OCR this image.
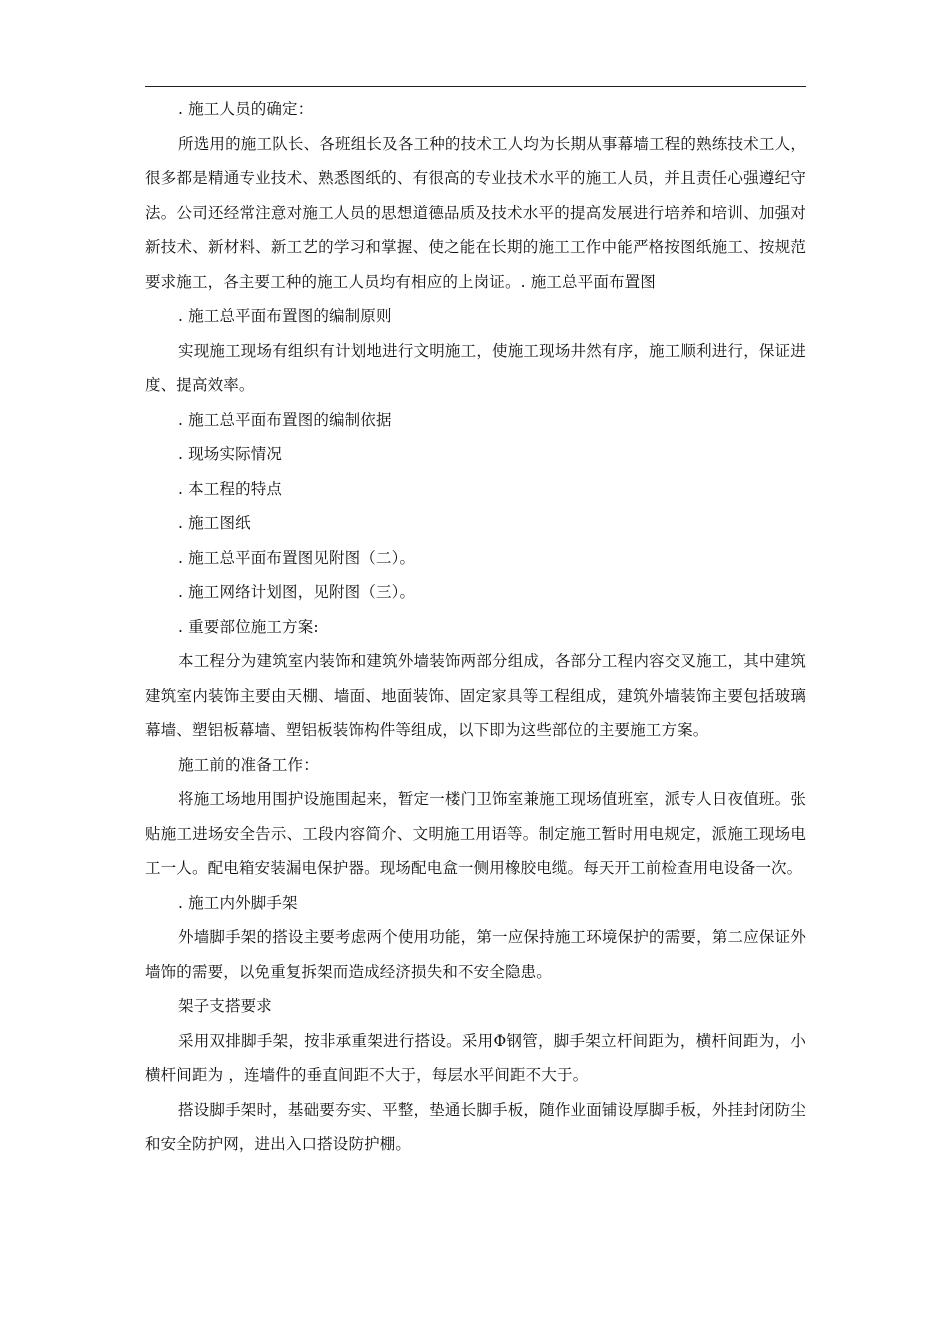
. 施工人员的确定：

所选用的施工队长、各班组长及各工种的技术工人均为长期从事幕墙工程的熟练技术工人，很多都是精通专业技术、熟悉图纸的、有很高的专业技术水平的施工人员，并且责任心强遵纪守法。公司还经常注意对施工人员的思想道德品质及技术水平的提高发展进行培养和培训、加强对新技术、新材料、新工艺的学习和掌握、使之能在长期的施工工作中能严格按图纸施工、按规范要求施工，各主要工种的施工人员均有相应的上岗证。. 施工总平面布置图

. 施工总平面布置图的编制原则

实现施工现场有组织有计划地进行文明施工，使施工现场井然有序，施工顺利进行，保证进度、提高效率。

. 施工总平面布置图的编制依据

. 现场实际情况

. 本工程的特点

. 施工图纸

. 施工总平面布置图见附图（二）。

. 施工网络计划图，见附图（三）。

. 重要部位施工方案:

本工程分为建筑室内装饰和建筑外墙装饰两部分组成，各部分工程内容交叉施工，其中建筑建筑室内装饰主要由天棚、墙面、地面装饰、固定家具等工程组成，建筑外墙装饰主要包括玻璃幕墙、塑铝板幕墙、塑铝板装饰构件等组成，以下即为这些部位的主要施工方案。

施工前的准备工作：

将施工场地用围护设施围起来，暂定一楼门卫饰室兼施工现场值班室，派专人日夜值班。张贴施工进场安全告示、工段内容简介、文明施工用语等。制定施工暂时用电规定，派施工现场电工一人。配电箱安装漏电保护器。现场配电盒一侧用橡胶电缆。每天开工前检查用电设备一次。

. 施工内外脚手架

外墙脚手架的搭设主要考虑两个使用功能，第一应保持施工环境保护的需要，第二应保证外墙饰的需要，以免重复拆架而造成经济损失和不安全隐患。

架子支搭要求

采用双排脚手架，按非承重架进行搭设。采用Φ钢管，脚手架立杆间距为，横杆间距为，小横杆间距为 ，连墙件的垂直间距不大于，每层水平间距不大于。

搭设脚手架时，基础要夯实、平整，垫通长脚手板，随作业面铺设厚脚手板，外挂封闭防尘和安全防护网，进出入口搭设防护棚。
